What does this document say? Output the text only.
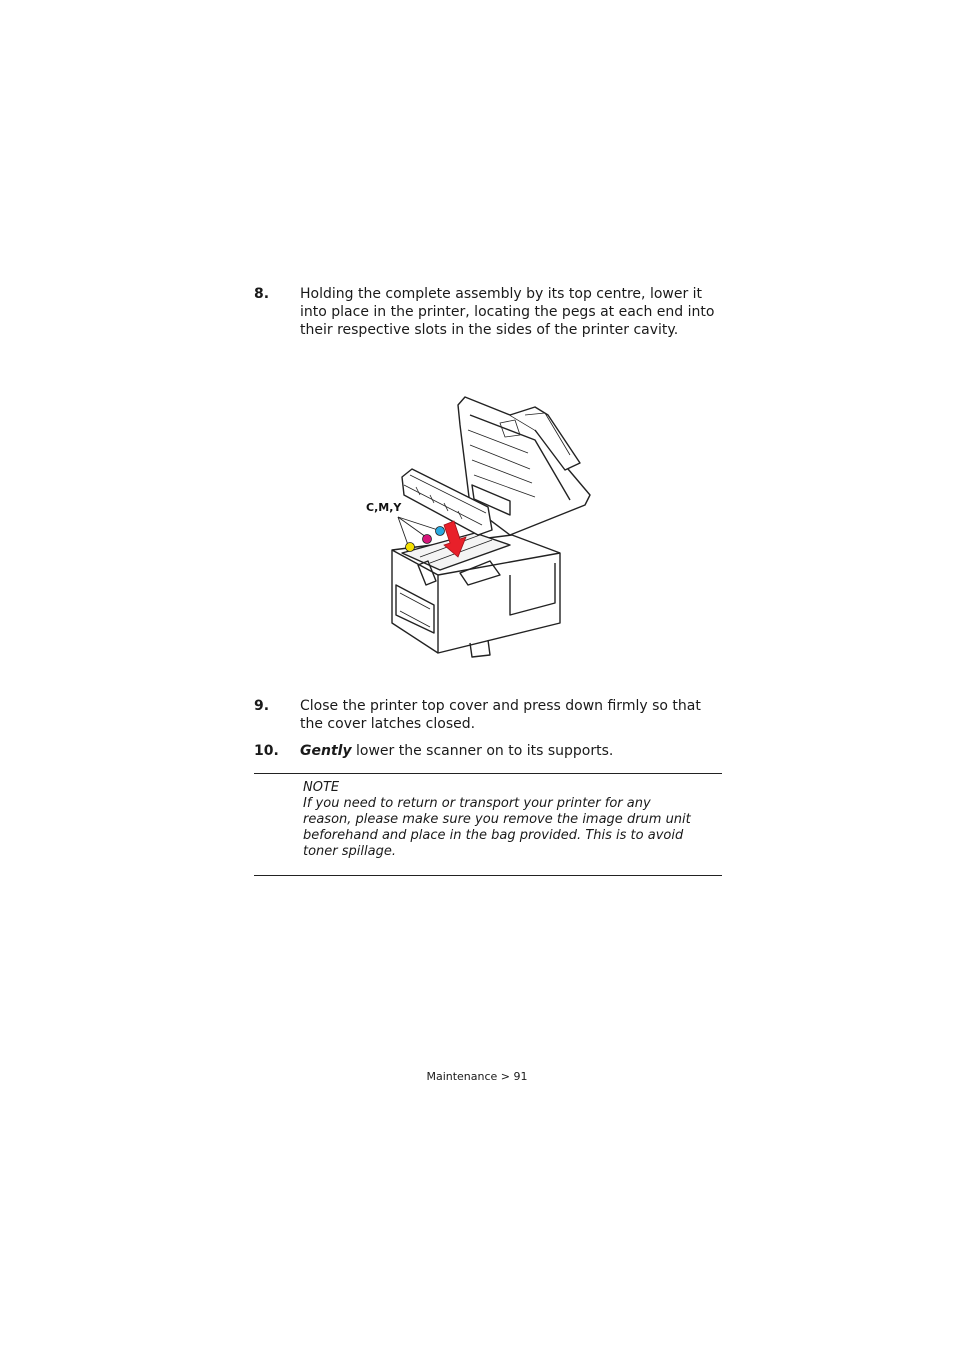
8. Holding the complete assembly by its top centre, lower it into place in the printer, locating the pegs at each end into their respective slots in the sides of the printer cavity.
C,M,Y
9. Close the printer top cover and press down firmly so that the cover latches closed.
10. Gently lower the scanner on to its supports.
NOTE
If you need to return or transport your printer for any reason, please make sure you remove the image drum unit beforehand and place in the bag provided. This is to avoid toner spillage.
Maintenance > 91
